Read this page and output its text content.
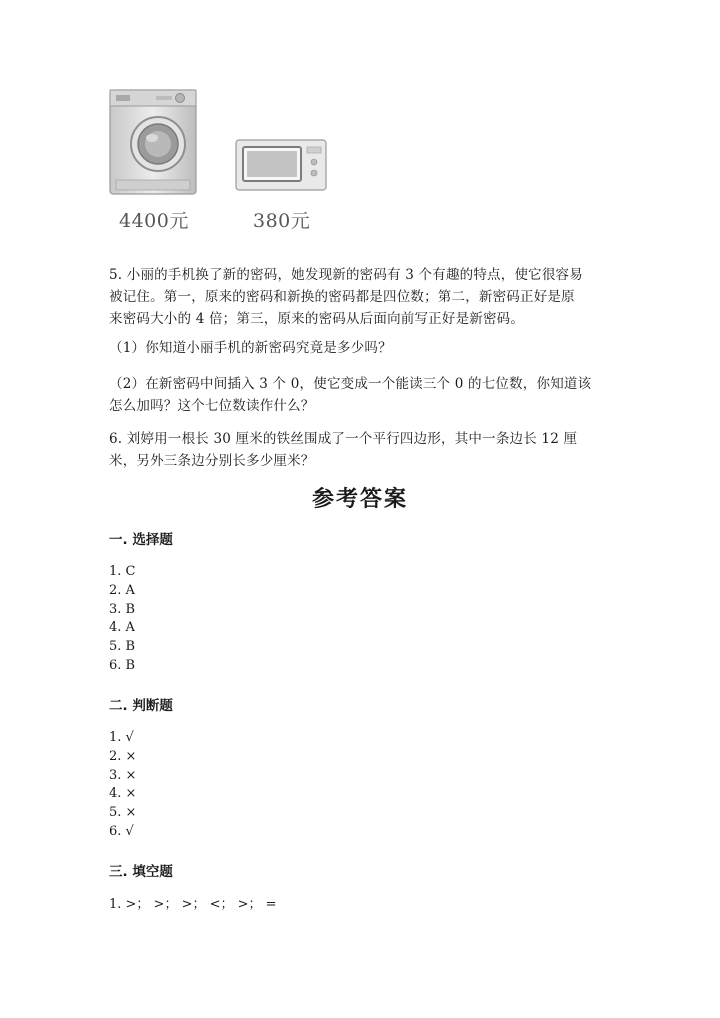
4400元	380元
5. 小丽的手机换了新的密码，她发现新的密码有 3 个有趣的特点，使它很容易
被记住。第一，原来的密码和新换的密码都是四位数；第二，新密码正好是原
来密码大小的 4 倍；第三，原来的密码从后面向前写正好是新密码。
（1）你知道小丽手机的新密码究竟是多少吗？
（2）在新密码中间插入 3 个 0，使它变成一个能读三个 0 的七位数，你知道该
怎么加吗？这个七位数读作什么？
6. 刘婷用一根长 30 厘米的铁丝围成了一个平行四边形，其中一条边长 12 厘
米，另外三条边分别长多少厘米？
参考答案
一. 选择题
1. C
2. A
3. B
4. A
5. B
6. B
二. 判断题
1. √
2. ×
3. ×
4. ×
5. ×
6. √
三. 填空题
1. >； >； >； <； >； =
